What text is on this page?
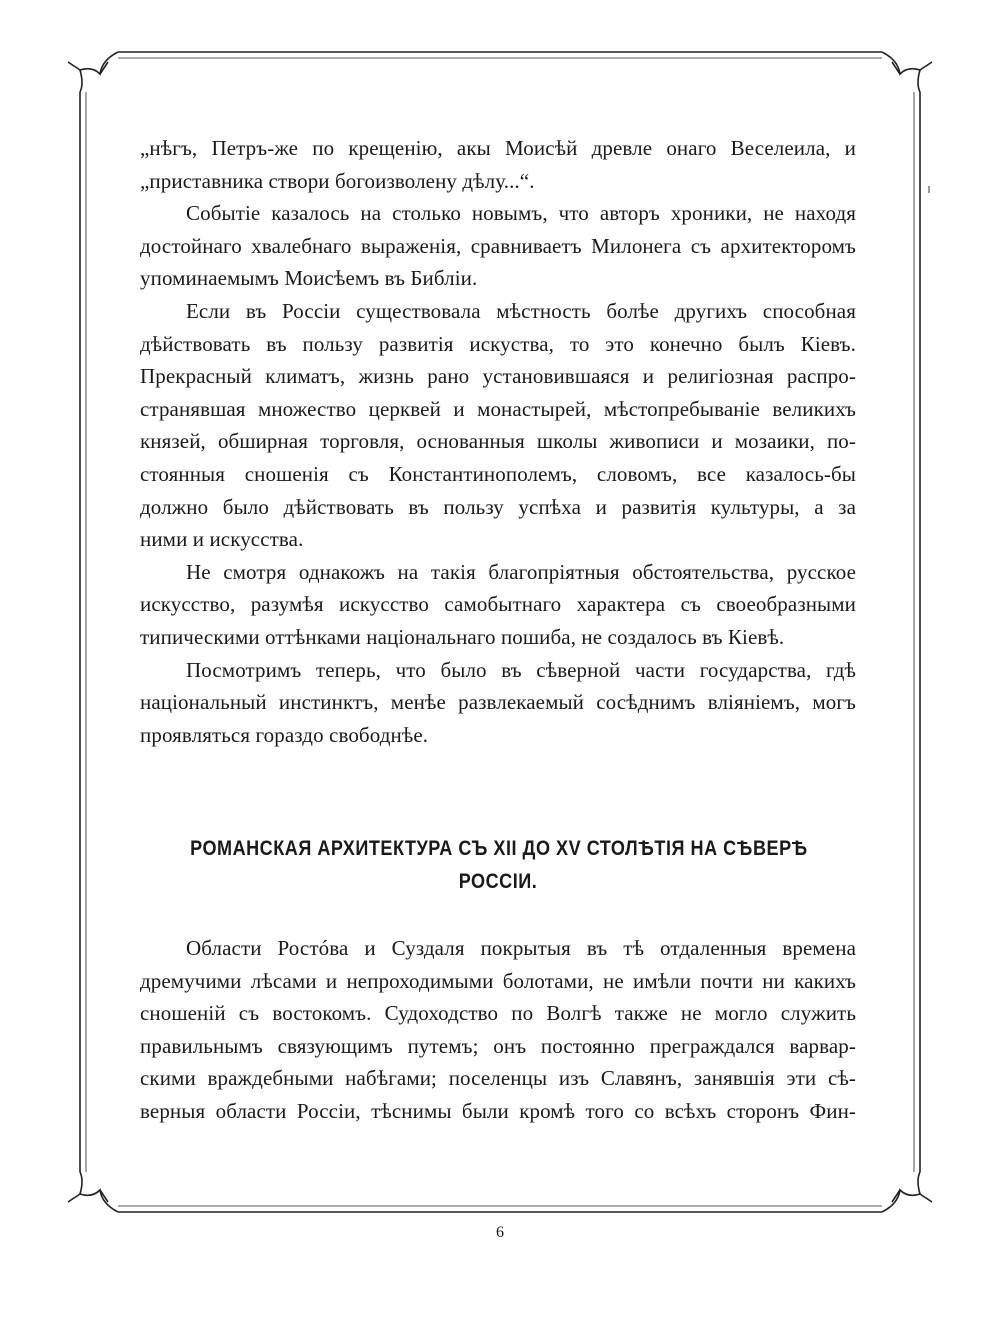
„нѣгъ, Петръ-же по крещенію, акы Моисѣй древле онаго Веселеила, и
„приставника створи богоизволену дѣлу...“.
Событіе казалось на столько новымъ, что авторъ хроники, не находя
достойнаго хвалебнаго выраженія, сравниваетъ Милонега съ архитекторомъ
упоминаемымъ Моисѣемъ въ Библіи.
Если въ Россіи существовала мѣстность болѣе другихъ способная
дѣйствовать въ пользу развитія искуства, то это конечно былъ Кіевъ.
Прекрасный климатъ, жизнь рано установившаяся и религіозная распро-
странявшая множество церквей и монастырей, мѣстопребываніе великихъ
князей, обширная торговля, основанныя школы живописи и мозаики, по-
стоянныя сношенія съ Константинополемъ, словомъ, все казалось-бы
должно было дѣйствовать въ пользу успѣха и развитія культуры, а за
ними и искусства.
Не смотря однакожъ на такія благопріятныя обстоятельства, русское
искусство, разумѣя искусство самобытнаго характера съ своеобразными
типическими оттѣнками національнаго пошиба, не создалось въ Кіевѣ.
Посмотримъ теперь, что было въ сѣверной части государства, гдѣ
національный инстинктъ, менѣе развлекаемый сосѣднимъ вліяніемъ, могъ
проявляться гораздо свободнѣе.
РОМАНСКАЯ АРХИТЕКТУРА СЪ XII ДО XV СТОЛѢТІЯ НА СѢВЕРѢ
РОССІИ.
Области Ростóва и Суздаля покрытыя въ тѣ отдаленныя времена
дремучими лѣсами и непроходимыми болотами, не имѣли почти ни какихъ
сношеній съ востокомъ. Судоходство по Волгѣ также не могло служить
правильнымъ связующимъ путемъ; онъ постоянно преграждался варвар-
скими враждебными набѣгами; поселенцы изъ Славянъ, занявшія эти сѣ-
верныя области Россіи, тѣснимы были кромѣ того со всѣхъ сторонъ Фин-
6
